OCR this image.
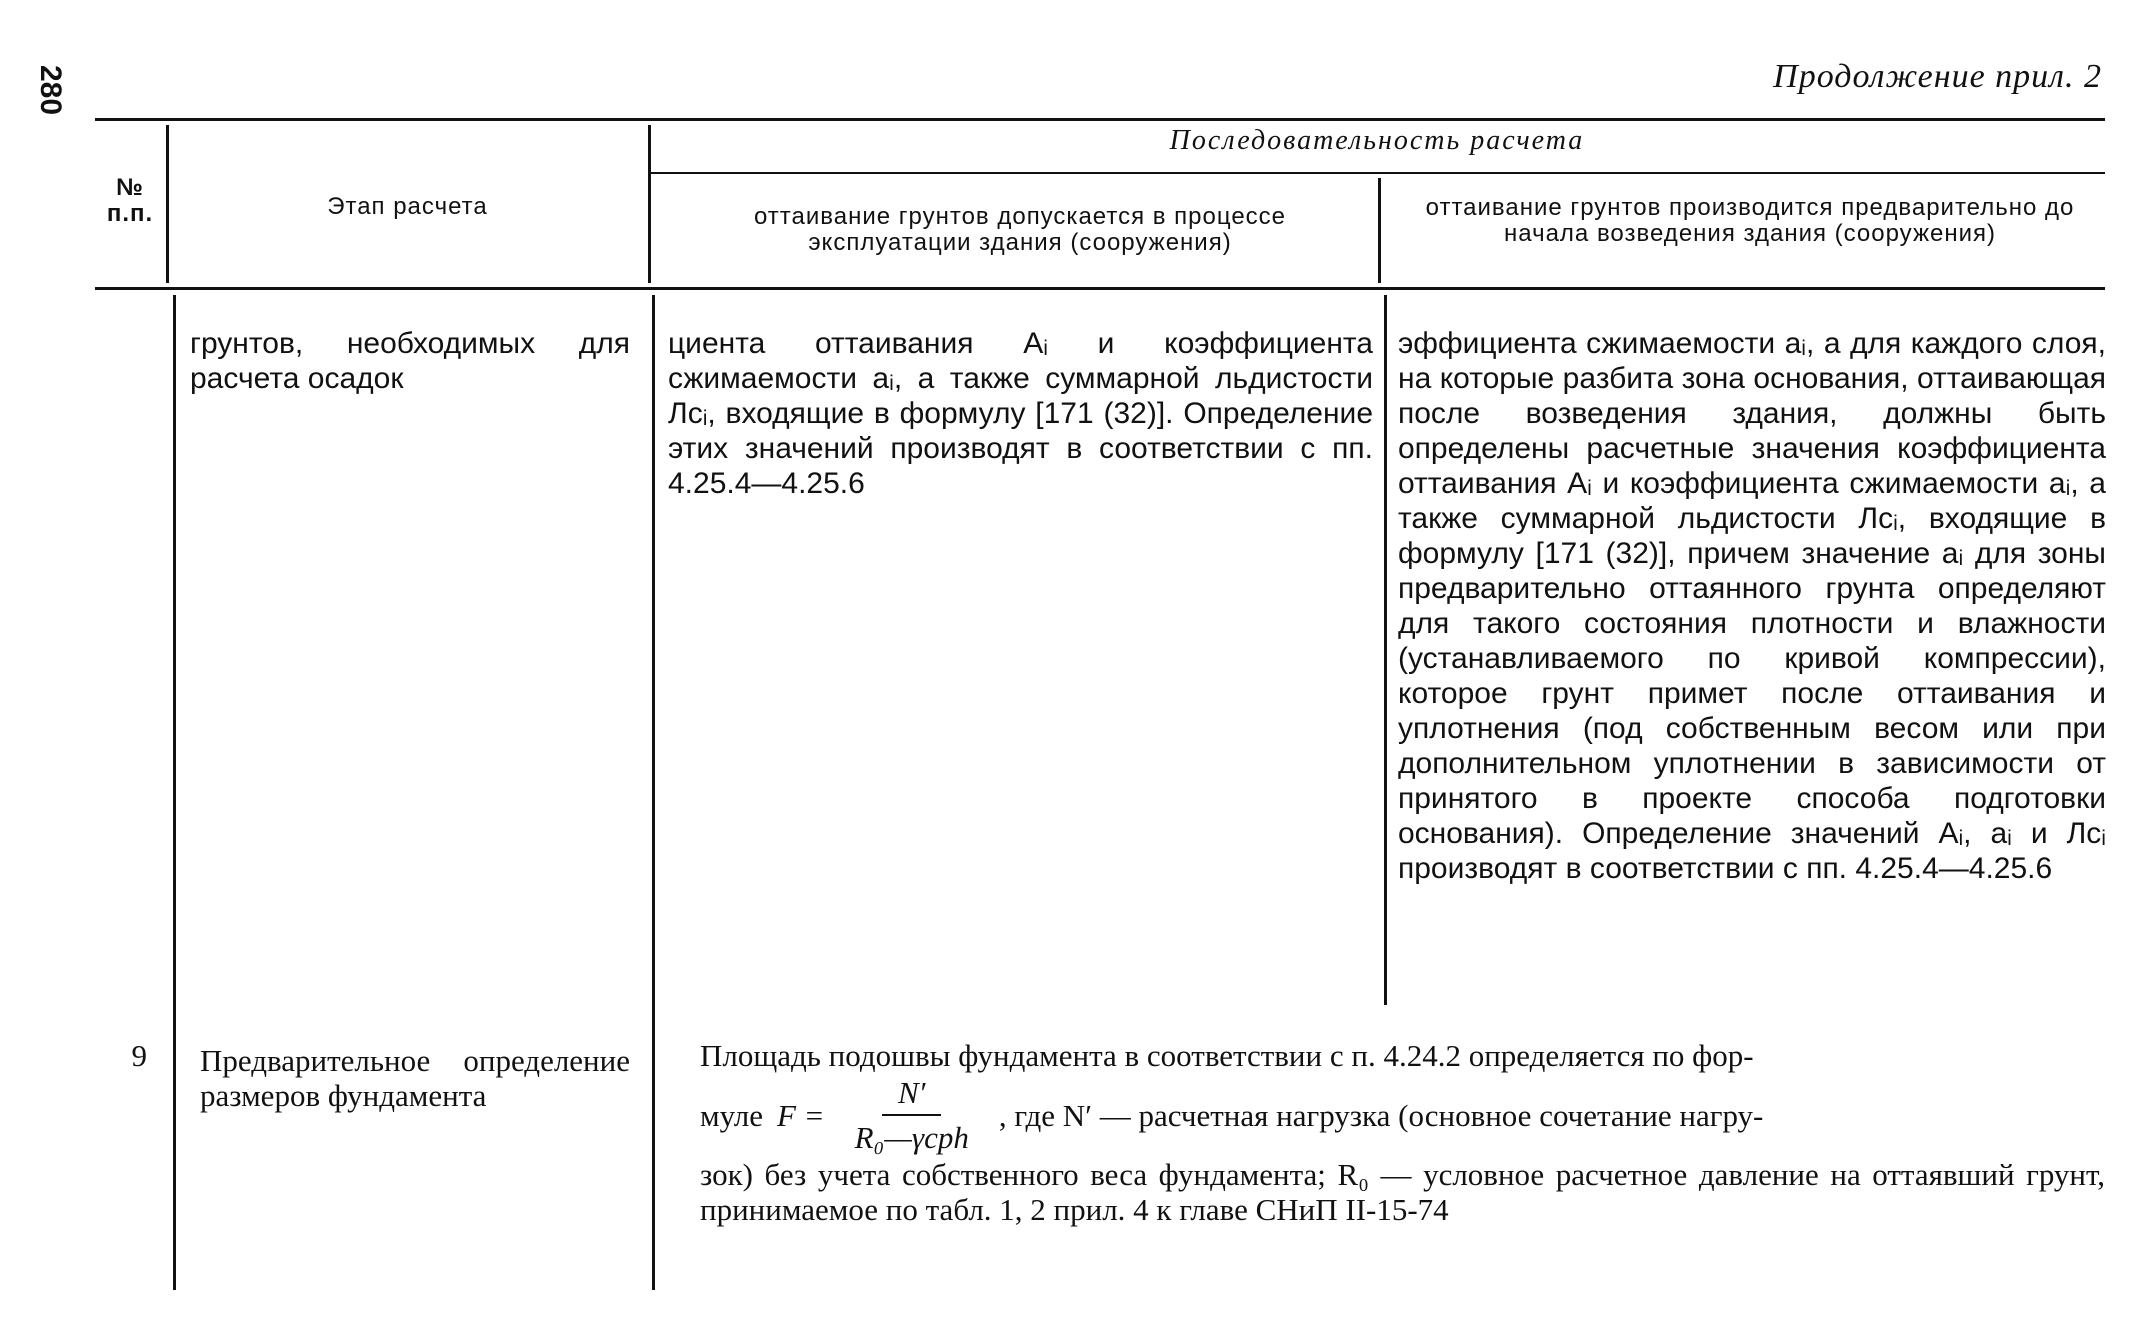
280	Продолжение прил. 2
№ п.п.	Этап расчета
Последовательность расчета
оттаивание грунтов допускается в процессе эксплуатации здания (сооружения)
оттаивание грунтов производится предварительно до начала возведения здания (сооружения)
грунтов, необходимых для расчета осадок
циента оттаивания Aᵢ и коэффициента сжимаемости aᵢ, а также суммарной льдистости Лcᵢ, входящие в формулу [171 (32)]. Определение этих значений производят в соответствии с пп. 4.25.4—4.25.6
эффициента сжимаемости aᵢ, а для каждого слоя, на которые разбита зона основания, оттаивающая после возведения здания, должны быть определены расчетные значения коэффициента оттаивания Aᵢ и коэффициента сжимаемости aᵢ, а также суммарной льдистости Лcᵢ, входящие в формулу [171 (32)], причем значение aᵢ для зоны предварительно оттаянного грунта определяют для такого состояния плотности и влажности (устанавливаемого по кривой компрессии), которое грунт примет после оттаивания и уплотнения (под собственным весом или при дополнительном уплотнении в зависимости от принятого в проекте способа подготовки основания). Определение значений Aᵢ, aᵢ и Лcᵢ производят в соответствии с пп. 4.25.4—4.25.6
9 Предварительное определение размеров фундамента
Площадь подошвы фундамента в соответствии с п. 4.24.2 определяется по фор-
муле $F = \frac{N'}{\text{R₀—γcph}}$ , где N′ — расчетная нагрузка (основное сочетание нагру-
зок) без учета собственного веса фундамента; R₀ — условное расчетное давление на оттаявший грунт, принимаемое по табл. 1, 2 прил. 4 к главе СНиП II-15-74
